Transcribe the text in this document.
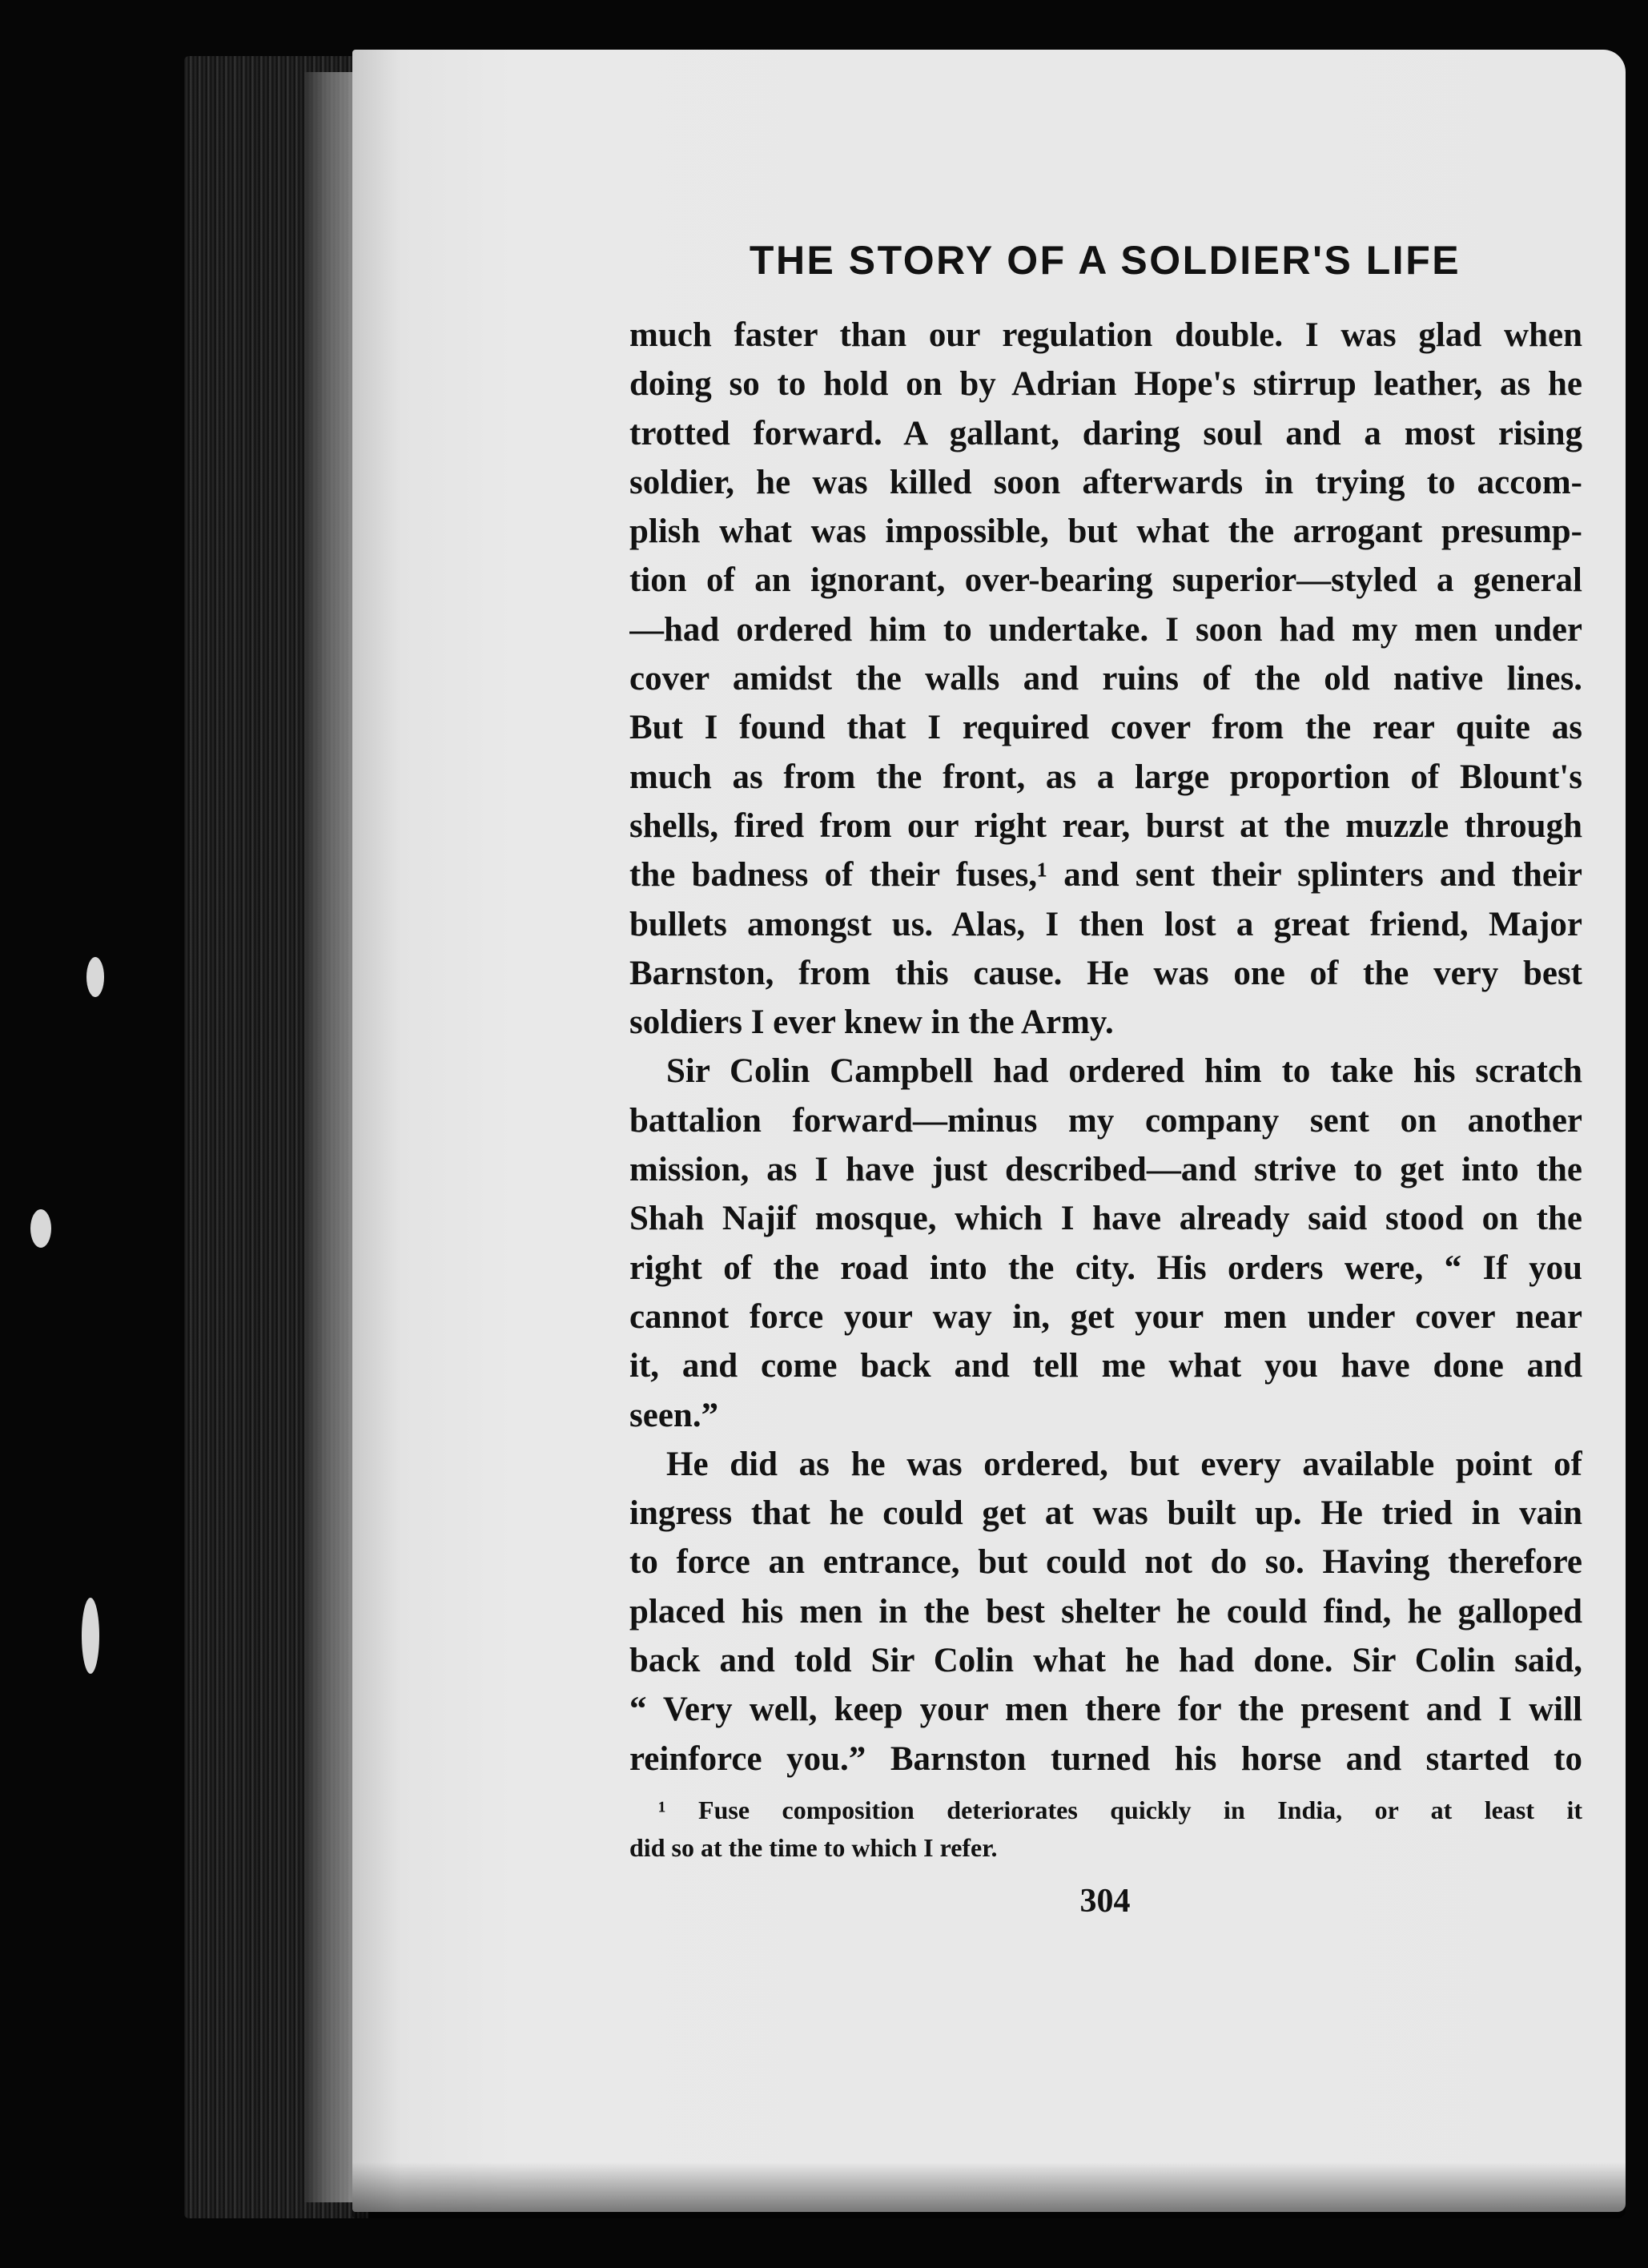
THE STORY OF A SOLDIER'S LIFE
much faster than our regulation double. I was glad when
doing so to hold on by Adrian Hope's stirrup leather, as he
trotted forward. A gallant, daring soul and a most rising
soldier, he was killed soon afterwards in trying to accom-
plish what was impossible, but what the arrogant presump-
tion of an ignorant, over-bearing superior—styled a general
—had ordered him to undertake. I soon had my men under
cover amidst the walls and ruins of the old native lines.
But I found that I required cover from the rear quite as
much as from the front, as a large proportion of Blount's
shells, fired from our right rear, burst at the muzzle through
the badness of their fuses,¹ and sent their splinters and their
bullets amongst us. Alas, I then lost a great friend, Major
Barnston, from this cause. He was one of the very best
soldiers I ever knew in the Army.
Sir Colin Campbell had ordered him to take his scratch
battalion forward—minus my company sent on another
mission, as I have just described—and strive to get into the
Shah Najif mosque, which I have already said stood on the
right of the road into the city. His orders were, “ If you
cannot force your way in, get your men under cover near
it, and come back and tell me what you have done and
seen.”
He did as he was ordered, but every available point of
ingress that he could get at was built up. He tried in vain
to force an entrance, but could not do so. Having therefore
placed his men in the best shelter he could find, he galloped
back and told Sir Colin what he had done. Sir Colin said,
“ Very well, keep your men there for the present and I will
reinforce you.” Barnston turned his horse and started to
¹ Fuse composition deteriorates quickly in India, or at least it
did so at the time to which I refer.
304
